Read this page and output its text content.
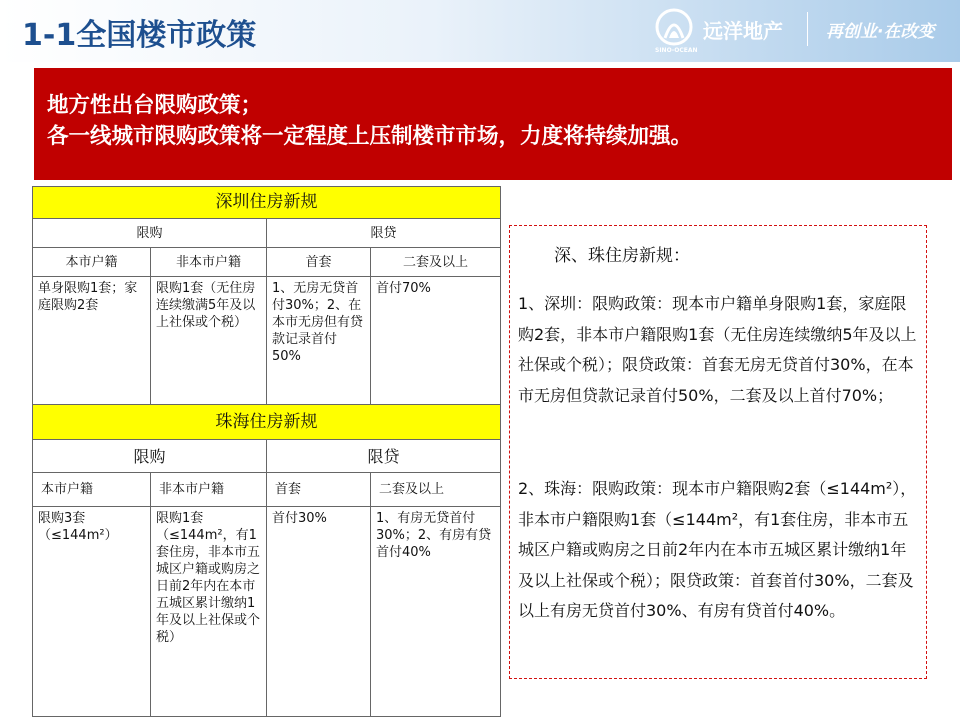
1-1全国楼市政策	SINO-OCEAN
远洋地产	再创业·在改变
地方性出台限购政策；
各一线城市限购政策将一定程度上压制楼市市场，力度将持续加强。
深圳住房新规			
限购		限贷	
本市户籍	非本市户籍	首套	二套及以上
单身限购1套；家庭限购2套	限购1套（无住房连续缴满5年及以上社保或个税）	1、无房无贷首付30%；2、在本市无房但有贷款记录首付50%	首付70%
珠海住房新规			
限购		限贷	
本市户籍	非本市户籍	首套	二套及以上
限购3套（≤144m²）	限购1套（≤144m²，有1套住房，非本市五城区户籍或购房之日前2年内在本市五城区累计缴纳1年及以上社保或个税）	首付30%	1、有房无贷首付30%；2、有房有贷首付40%
深、珠住房新规：

1、深圳：限购政策：现本市户籍单身限购1套，家庭限购2套，非本市户籍限购1套（无住房连续缴纳5年及以上社保或个税）；限贷政策：首套无房无贷首付30%，在本市无房但贷款记录首付50%，二套及以上首付70%；

2、珠海：限购政策：现本市户籍限购2套（≤144m²），非本市户籍限购1套（≤144m²，有1套住房，非本市五城区户籍或购房之日前2年内在本市五城区累计缴纳1年及以上社保或个税）；限贷政策：首套首付30%，二套及以上有房无贷首付30%、有房有贷首付40%。
